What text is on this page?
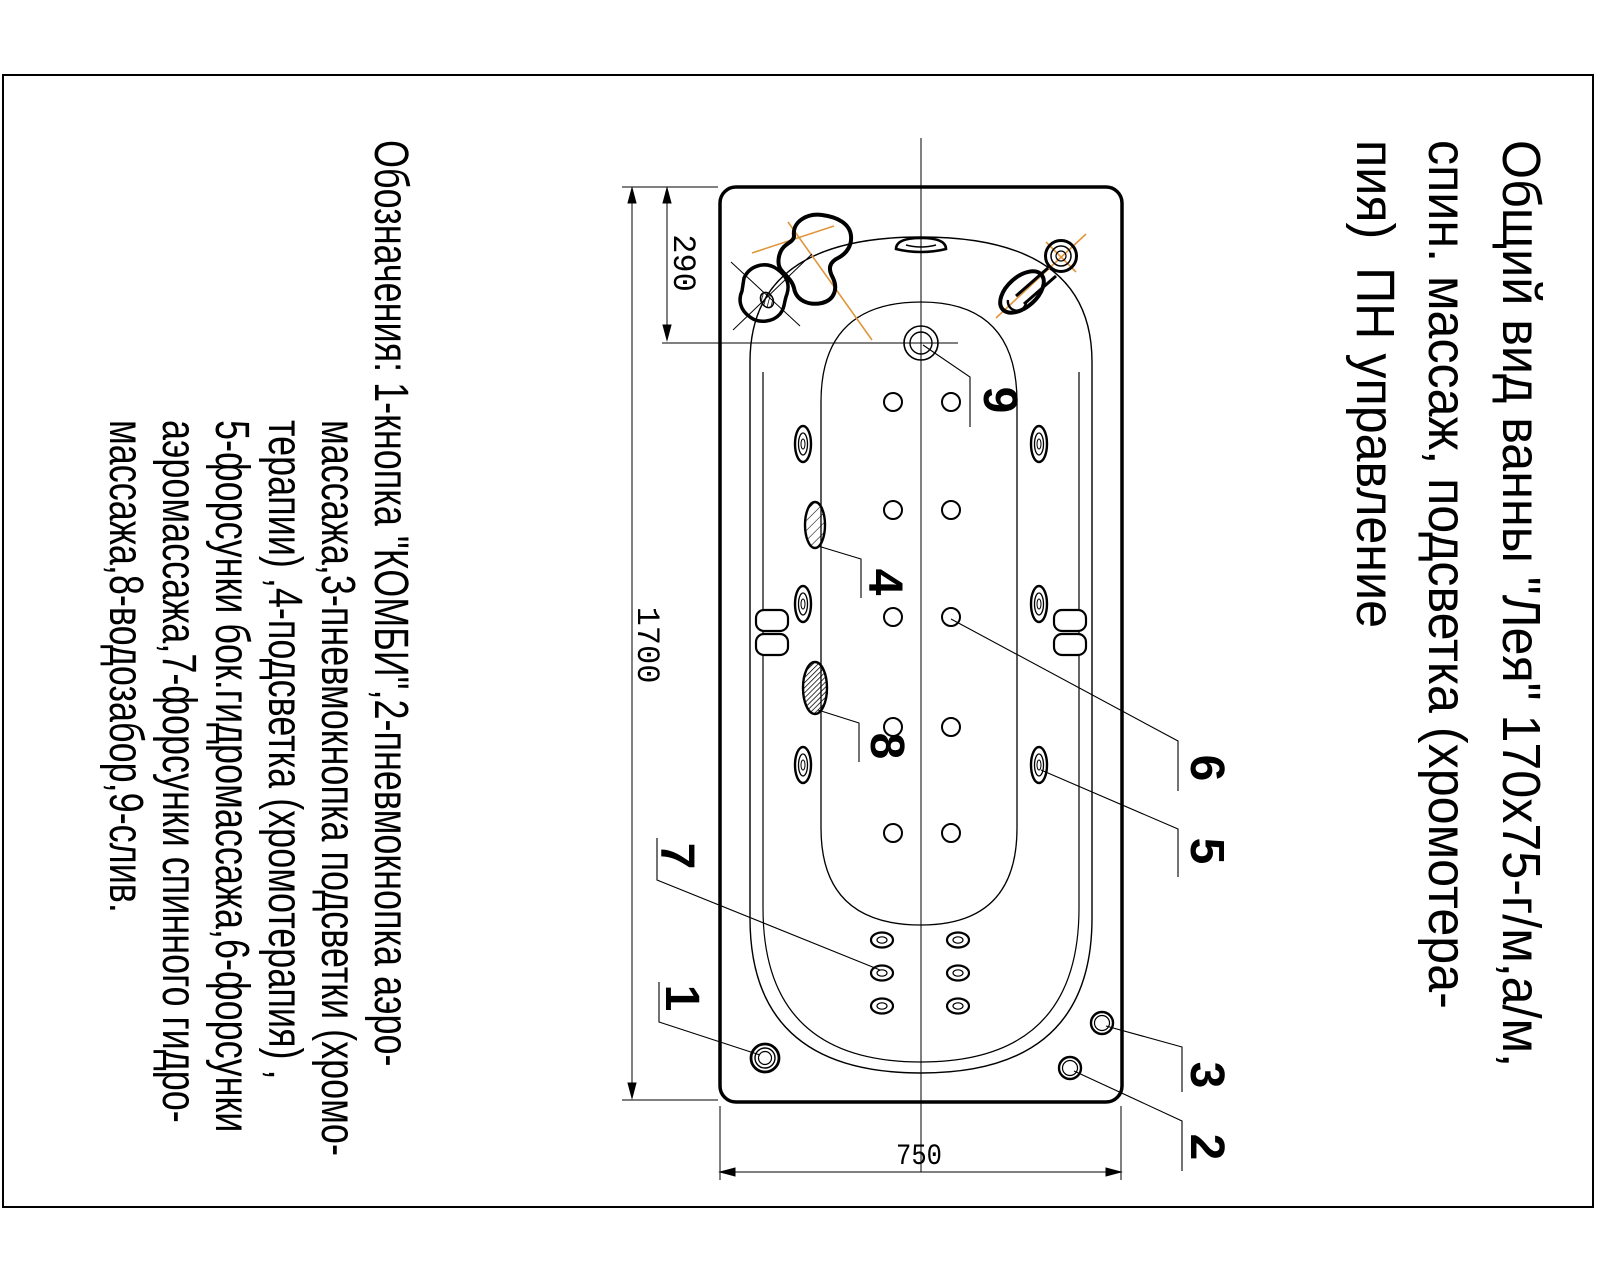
Общий вид ванны "Лея" 170х75-г/м,а/м,
спин. массаж, подсветка (хромотера-
пия)  ПН управление
Обозначения: 1-кнопка "КОМБИ",2-пневмокнопка аэро-
массажа,3-пневмокнопка подсветки (хромо-
терапии) ,4-подсветка (хромотерапия) ,
5-форсунки бок.гидромассажа,6-форсунки
аэромассажа,7-форсунки спинного гидро-
массажа,8-водозабор,9-слив.
9
4
8
6
5
7
1
3
2
290
1700
750
